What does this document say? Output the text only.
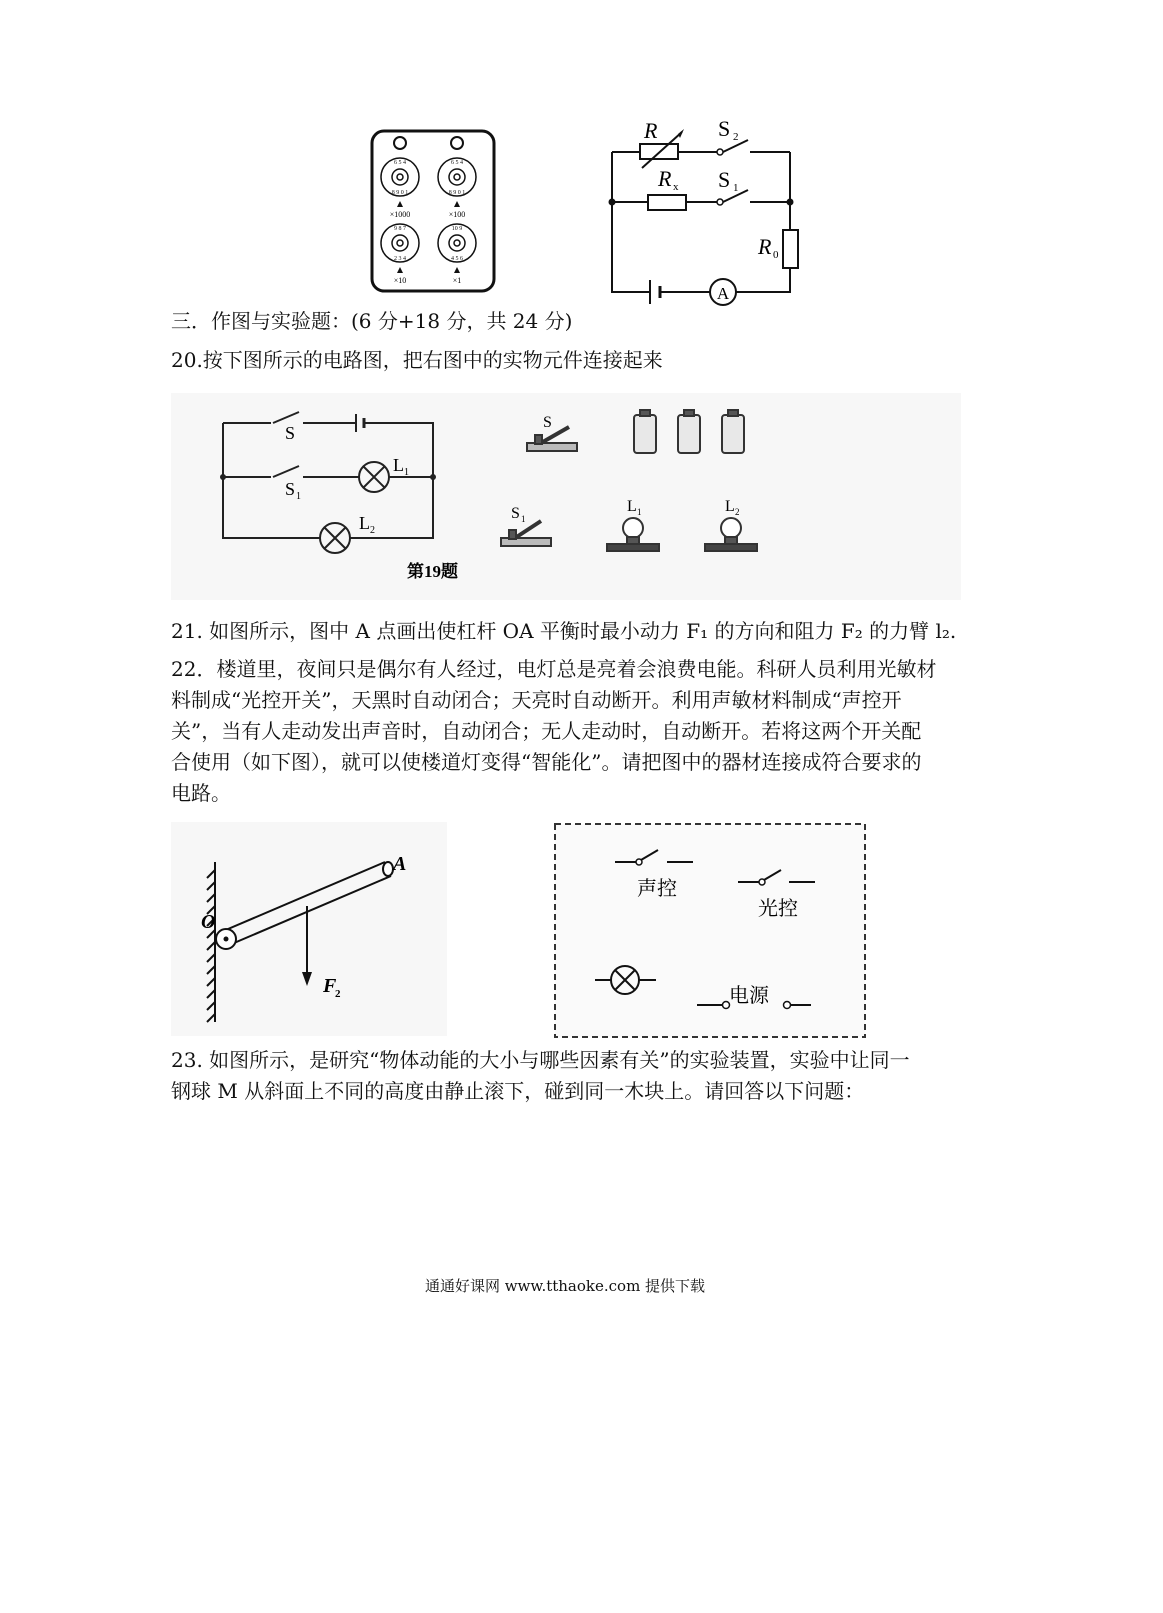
6 5 4	6 5 4
8 9 0 1	8 9 0 1
9 8 7	10 9
2 3 4	4 5 6
×1000	×100
×10	×1
R	S 2
R x S 1
R 0
A
三．作图与实验题：(6 分+18 分，共 24 分)
20.按下图所示的电路图，把右图中的实物元件连接起来
S
S 1
L 1
L 2
第19题
S
S 1
L 1	L 2
21. 如图所示，图中 A 点画出使杠杆 OA 平衡时最小动力 F₁ 的方向和阻力 F₂ 的力臂 l₂.
22．楼道里，夜间只是偶尔有人经过，电灯总是亮着会浪费电能。科研人员利用光敏材
料制成“光控开关”，天黑时自动闭合；天亮时自动断开。利用声敏材料制成“声控开
关”，当有人走动发出声音时，自动闭合；无人走动时，自动断开。若将这两个开关配
合使用（如下图），就可以使楼道灯变得“智能化”。请把图中的器材连接成符合要求的
电路。
O
A
F
2
声控
光控
电源
23. 如图所示，是研究“物体动能的大小与哪些因素有关”的实验装置，实验中让同一
钢球 M 从斜面上不同的高度由静止滚下，碰到同一木块上。请回答以下问题：
通通好课网 www.tthaoke.com 提供下载
